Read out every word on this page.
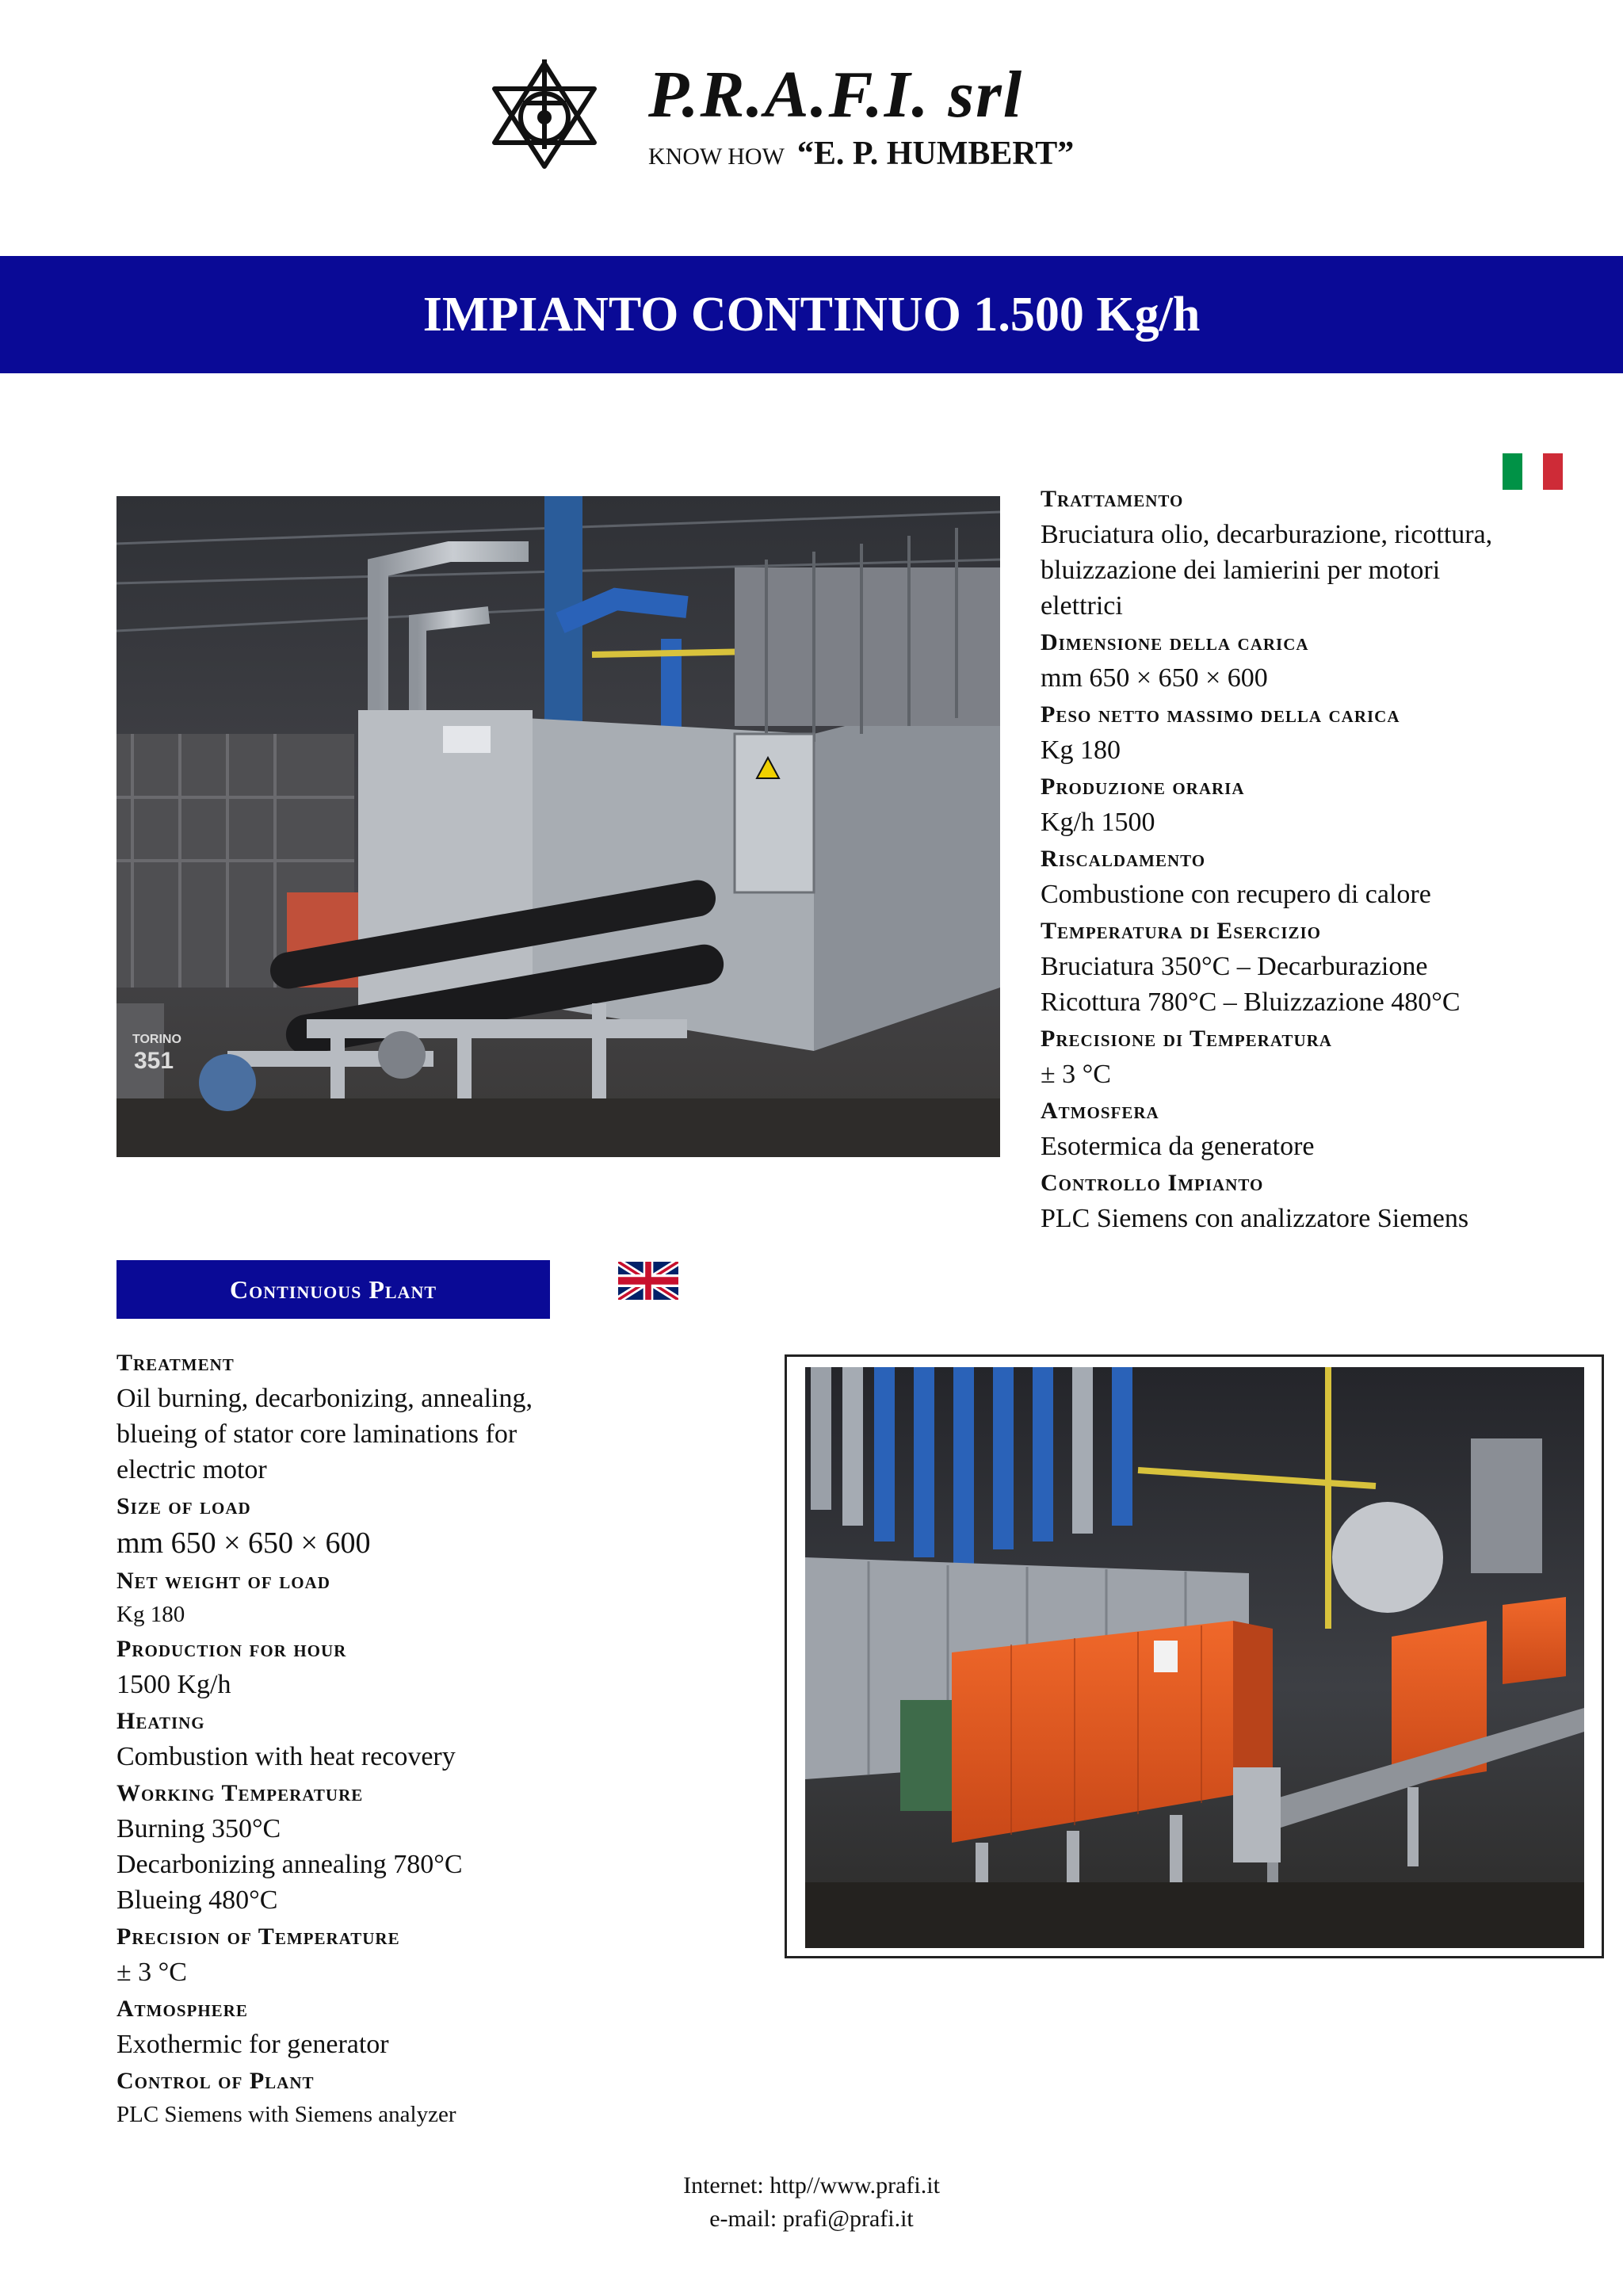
P.R.A.F.I. srl
KNOW HOW “E. P. HUMBERT”
IMPIANTO CONTINUO 1.500 Kg/h
TORINO
351
Trattamento
Bruciatura olio, decarburazione, ricottura,
bluizzazione dei lamierini per motori
elettrici
Dimensione della carica
mm 650 × 650 × 600
Peso netto massimo della carica
Kg 180
Produzione oraria
Kg/h 1500
Riscaldamento
Combustione con recupero di calore
Temperatura di Esercizio
Bruciatura 350°C – Decarburazione
Ricottura 780°C – Bluizzazione 480°C
Precisione di Temperatura
± 3 °C
Atmosfera
Esotermica da generatore
Controllo Impianto
PLC Siemens con analizzatore Siemens
Continuous Plant
Treatment
Oil burning, decarbonizing, annealing,
blueing of stator core laminations for
electric motor
Size of load
mm 650 × 650 × 600
Net weight of load
Kg 180
Production for hour
1500 Kg/h
Heating
Combustion with heat recovery
Working Temperature
Burning 350°C
Decarbonizing annealing 780°C
Blueing 480°C
Precision of Temperature
± 3 °C
Atmosphere
Exothermic for generator
Control of Plant
PLC Siemens with Siemens analyzer
Internet: http//www.prafi.it
e-mail: prafi@prafi.it
